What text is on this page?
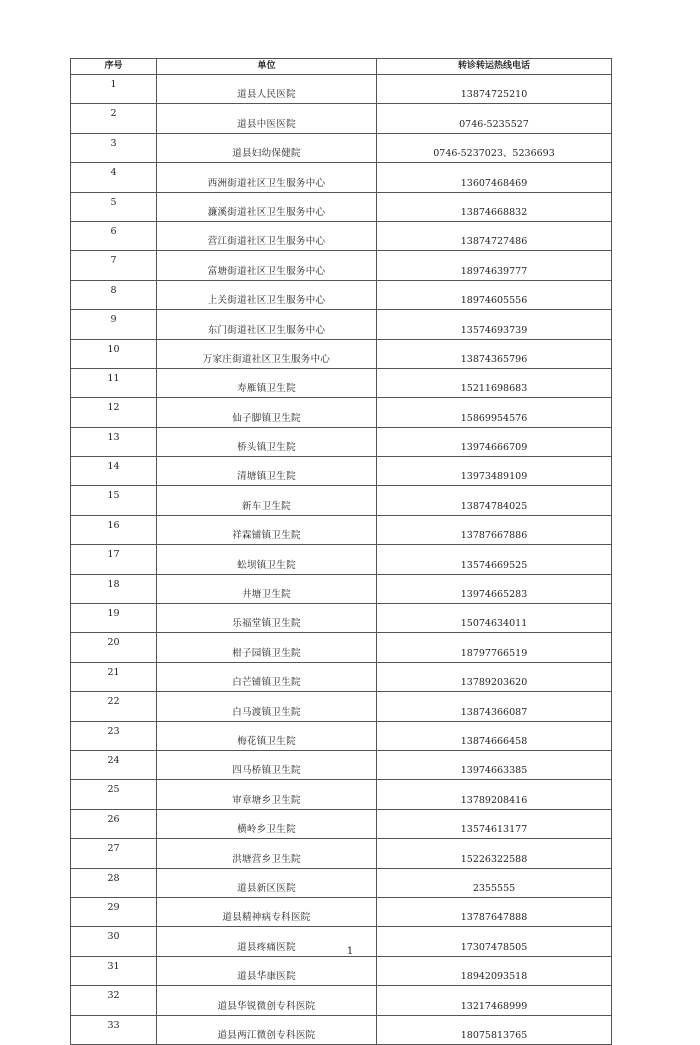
序号	单位	转诊转运热线电话
1	道县人民医院	13874725210
2	道县中医医院	0746-5235527
3	道县妇幼保健院	0746-5237023、5236693
4	西洲街道社区卫生服务中心	13607468469
5	濂溪街道社区卫生服务中心	13874668832
6	营江街道社区卫生服务中心	13874727486
7	富塘街道社区卫生服务中心	18974639777
8	上关街道社区卫生服务中心	18974605556
9	东门街道社区卫生服务中心	13574693739
10	万家庄街道社区卫生服务中心	13874365796
11	寿雁镇卫生院	15211698683
12	仙子脚镇卫生院	15869954576
13	桥头镇卫生院	13974666709
14	清塘镇卫生院	13973489109
15	新车卫生院	13874784025
16	祥霖铺镇卫生院	13787667886
17	蚣坝镇卫生院	13574669525
18	井塘卫生院	13974665283
19	乐福堂镇卫生院	15074634011
20	柑子园镇卫生院	18797766519
21	白芒铺镇卫生院	13789203620
22	白马渡镇卫生院	13874366087
23	梅花镇卫生院	13874666458
24	四马桥镇卫生院	13974663385
25	审章塘乡卫生院	13789208416
26	横岭乡卫生院	13574613177
27	洪塘营乡卫生院	15226322588
28	道县新区医院	2355555
29	道县精神病专科医院	13787647888
30	道县疼痛医院	17307478505
31	道县华康医院	18942093518
32	道县华锐微创专科医院	13217468999
33	道县两江微创专科医院	18075813765
1
